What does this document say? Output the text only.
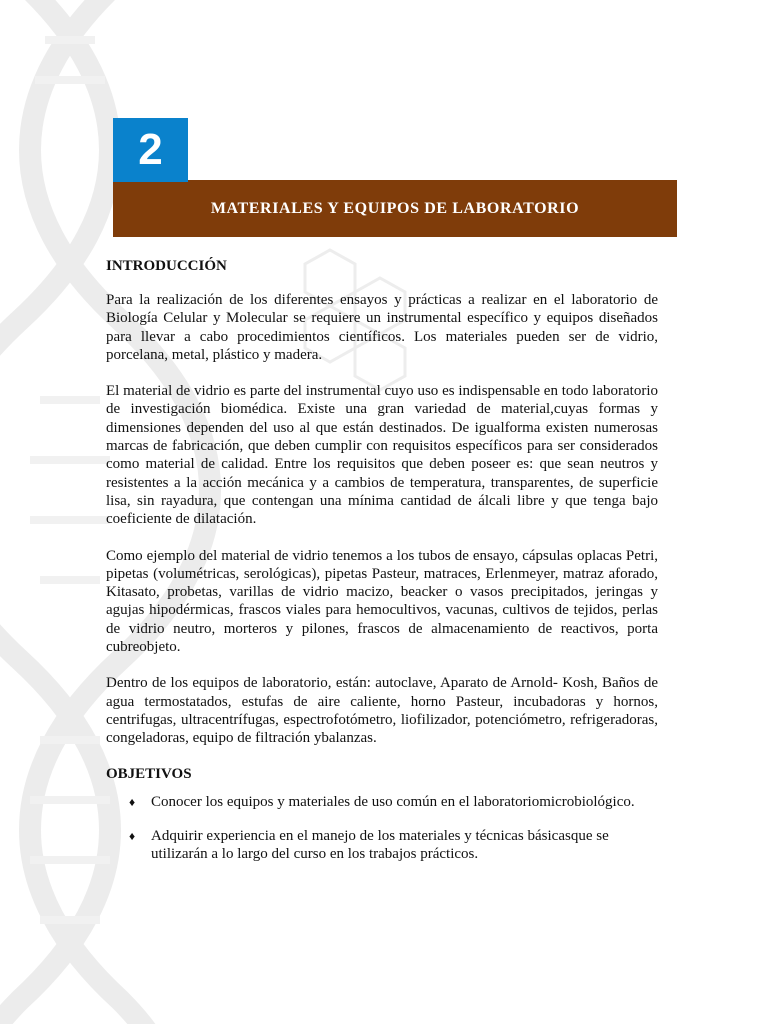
2
MATERIALES Y EQUIPOS DE LABORATORIO
INTRODUCCIÓN

Para la realización de los diferentes ensayos y prácticas a realizar en el laboratorio de Biología Celular y Molecular se requiere un instrumental específico y equipos diseñados para llevar a cabo procedimientos científicos. Los materiales pueden ser de vidrio, porcelana, metal, plástico y madera.

El material de vidrio es parte del instrumental cuyo uso es indispensable en todo laboratorio de investigación biomédica. Existe una gran variedad de material,cuyas formas y dimensiones dependen del uso al que están destinados. De igualforma existen numerosas marcas de fabricación, que deben cumplir con requisitos específicos para ser considerados como material de calidad. Entre los requisitos que deben poseer es: que sean neutros y resistentes a la acción mecánica y a cambios de temperatura, transparentes, de superficie lisa, sin rayadura, que contengan una mínima cantidad de álcali libre y que tenga bajo coeficiente de dilatación.

Como ejemplo del material de vidrio tenemos a los tubos de ensayo, cápsulas oplacas Petri, pipetas (volumétricas, serológicas), pipetas Pasteur, matraces, Erlenmeyer, matraz aforado, Kitasato, probetas, varillas de vidrio macizo, beacker o vasos precipitados, jeringas y agujas hipodérmicas, frascos viales para hemocultivos, vacunas, cultivos de tejidos, perlas de vidrio neutro, morteros y pilones, frascos de almacenamiento de reactivos, porta cubreobjeto.

Dentro de los equipos de laboratorio, están: autoclave, Aparato de Arnold- Kosh, Baños de agua termostatados, estufas de aire caliente, horno Pasteur, incubadoras y hornos, centrifugas, ultracentrífugas, espectrofotómetro, liofilizador, potenciómetro, refrigeradoras, congeladoras, equipo de filtración ybalanzas.

OBJETIVOS
♦ Conocer los equipos y materiales de uso común en el laboratoriomicrobiológico.
♦ Adquirir experiencia en el manejo de los materiales y técnicas básicasque se utilizarán a lo largo del curso en los trabajos prácticos.
